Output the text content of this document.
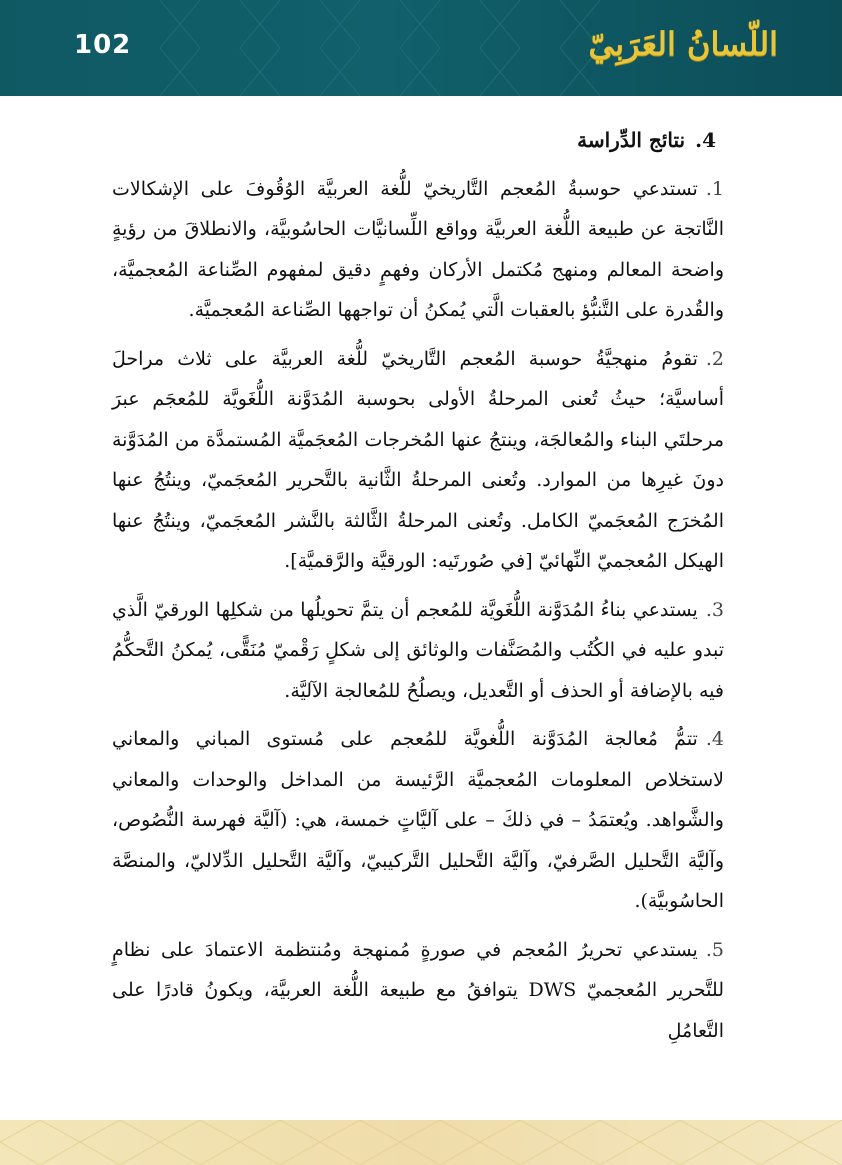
102	اللّسانُ العَرَبِيّ
4.نتائج الدِّراسة

1.تستدعي حوسبةُ المُعجم التَّاريخيّ للُّغة العربيَّة الوُقُوفَ على الإشكالات النَّاتجة عن طبيعة اللُّغة العربيَّة وواقع اللِّسانيَّات الحاسُوبيَّة، والانطلاقَ من رؤيةٍ واضحة المعالم ومنهج مُكتمل الأركان وفهمٍ دقيق لمفهوم الصِّناعة المُعجميَّة، والقُدرة على التَّنبُّؤ بالعقبات الَّتي يُمكنُ أن تواجهها الصِّناعة المُعجميَّة.

2.تقومُ منهجيَّةُ حوسبة المُعجم التَّاريخيّ للُّغة العربيَّة على ثلاث مراحلَ أساسيَّة؛ حيثُ تُعنى المرحلةُ الأولى بحوسبة المُدَوَّنة اللُّغَويَّة للمُعجَم عبرَ مرحلتَي البناء والمُعالجَة، وينتجُ عنها المُخرجات المُعجَميَّة المُستمدَّة من المُدَوَّنة دونَ غيرِها من الموارد. وتُعنى المرحلةُ الثَّانية بالتَّحرير المُعجَميّ، وينتُجُ عنها المُخرَج المُعجَميّ الكامل. وتُعنى المرحلةُ الثَّالثة بالنَّشر المُعجَميّ، وينتُجُ عنها الهيكل المُعجميّ النِّهائيّ [في صُورتَيه: الورقيَّة والرَّقميَّة].

3.يستدعي بناءُ المُدَوَّنة اللُّغَويَّة للمُعجم أن يتمَّ تحويلُها من شكلِها الورقيّ الَّذي تبدو عليه في الكُتُب والمُصَنَّفات والوثائق إلى شكلٍ رَقْميّ مُنَقًّى، يُمكنُ التَّحكُّمُ فيه بالإضافة أو الحذف أو التَّعديل، ويصلُحُ للمُعالجة الآليَّة.

4.تتمُّ مُعالجة المُدَوَّنة اللُّغويَّة للمُعجم على مُستوى المباني والمعاني لاستخلاص المعلومات المُعجميَّة الرَّئيسة من المداخل والوحدات والمعاني والشَّواهد. ويُعتمَدُ – في ذلكَ – على آليَّاتٍ خمسة، هي: (آليَّة فهرسة النُّصُوص، وآليَّة التَّحليل الصَّرفيّ، وآليَّة التَّحليل التَّركيبيّ، وآليَّة التَّحليل الدِّلاليّ، والمنصَّة الحاسُوبيَّة).

5.يستدعي تحريرُ المُعجم في صورةٍ مُمنهجة ومُنتظمة الاعتمادَ على نظامٍ للتَّحرير المُعجميّ DWS يتوافقُ مع طبيعة اللُّغة العربيَّة، ويكونُ قادرًا على التَّعامُلِ
